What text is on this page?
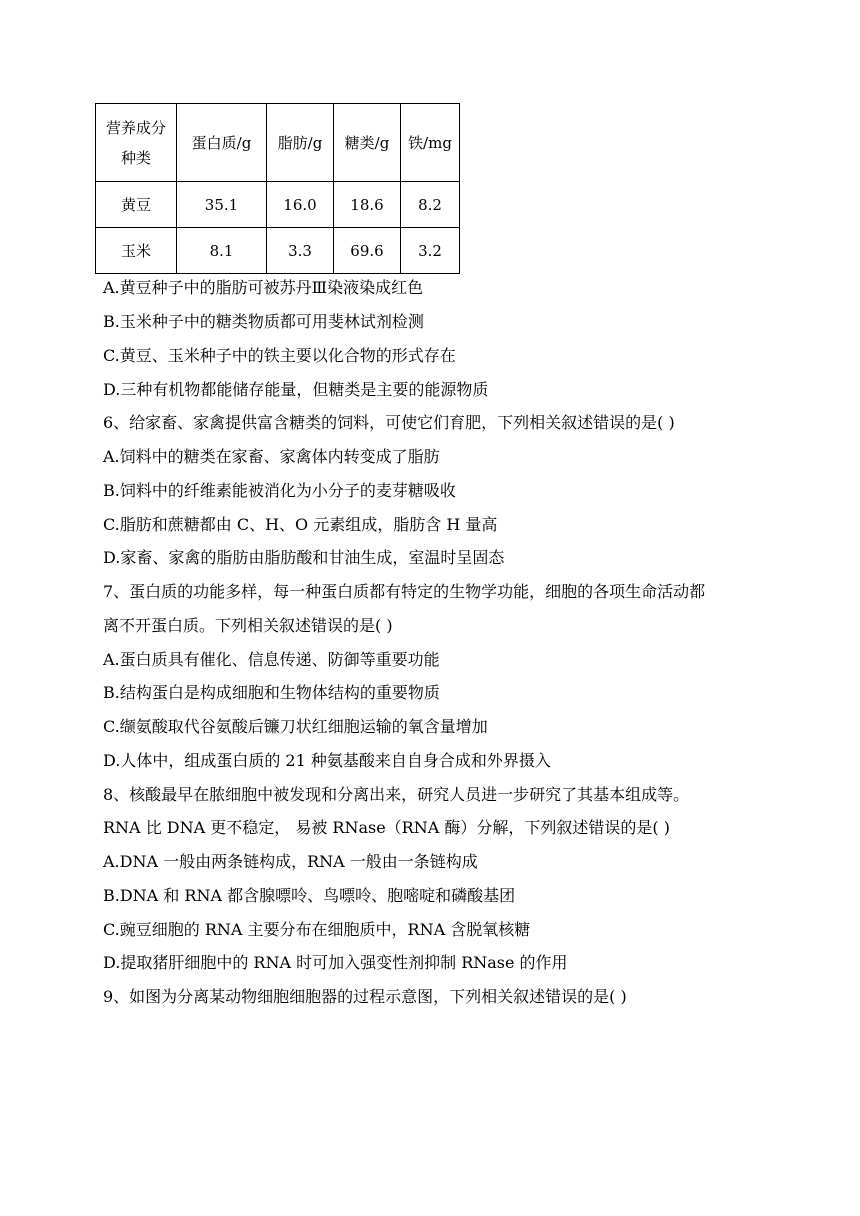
营养成分
种类	蛋白质/g	脂肪/g	糖类/g	铁/mg
黄豆	35.1	16.0	18.6	8.2
玉米	8.1	3.3	69.6	3.2
A.黄豆种子中的脂肪可被苏丹Ⅲ染液染成红色
B.玉米种子中的糖类物质都可用斐林试剂检测
C.黄豆、玉米种子中的铁主要以化合物的形式存在
D.三种有机物都能储存能量，但糖类是主要的能源物质
6、给家畜、家禽提供富含糖类的饲料，可使它们育肥，下列相关叙述错误的是( )
A.饲料中的糖类在家畜、家禽体内转变成了脂肪
B.饲料中的纤维素能被消化为小分子的麦芽糖吸收
C.脂肪和蔗糖都由 C、H、O 元素组成，脂肪含 H 量高
D.家畜、家禽的脂肪由脂肪酸和甘油生成，室温时呈固态
7、蛋白质的功能多样，每一种蛋白质都有特定的生物学功能，细胞的各项生命活动都
离不开蛋白质。下列相关叙述错误的是( )
A.蛋白质具有催化、信息传递、防御等重要功能
B.结构蛋白是构成细胞和生物体结构的重要物质
C.缬氨酸取代谷氨酸后镰刀状红细胞运输的氧含量增加
D.人体中，组成蛋白质的 21 种氨基酸来自自身合成和外界摄入
8、核酸最早在脓细胞中被发现和分离出来，研究人员进一步研究了其基本组成等。
RNA 比 DNA 更不稳定， 易被 RNase（RNA 酶）分解，下列叙述错误的是( )
A.DNA 一般由两条链构成，RNA 一般由一条链构成
B.DNA 和 RNA 都含腺嘌呤、鸟嘌呤、胞嘧啶和磷酸基团
C.豌豆细胞的 RNA 主要分布在细胞质中，RNA 含脱氧核糖
D.提取猪肝细胞中的 RNA 时可加入强变性剂抑制 RNase 的作用
9、如图为分离某动物细胞细胞器的过程示意图，下列相关叙述错误的是( )
